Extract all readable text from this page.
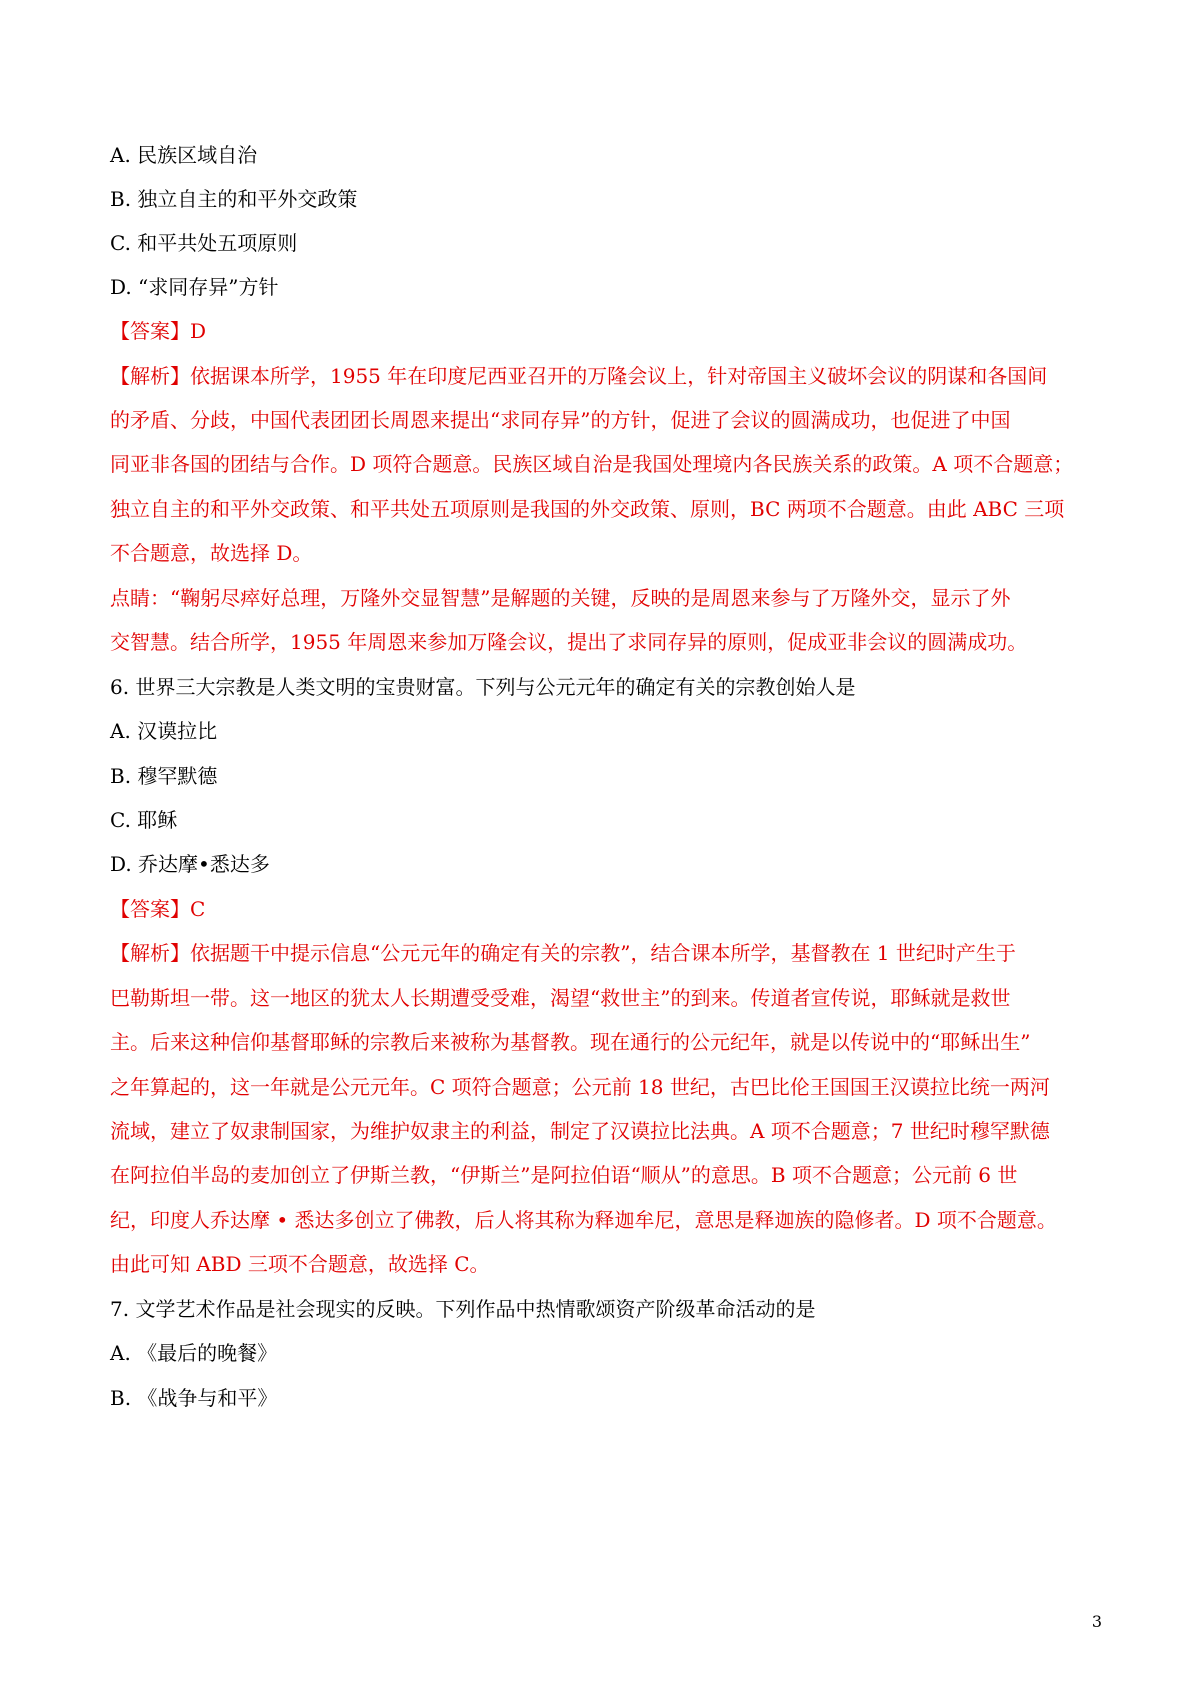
A. 民族区域自治
B. 独立自主的和平外交政策
C. 和平共处五项原则
D. “求同存异”方针
【答案】D
【解析】依据课本所学，1955 年在印度尼西亚召开的万隆会议上，针对帝国主义破坏会议的阴谋和各国间
的矛盾、分歧，中国代表团团长周恩来提出“求同存异”的方针，促进了会议的圆满成功，也促进了中国
同亚非各国的团结与合作。D 项符合题意。民族区域自治是我国处理境内各民族关系的政策。A 项不合题意；
独立自主的和平外交政策、和平共处五项原则是我国的外交政策、原则，BC 两项不合题意。由此 ABC 三项
不合题意，故选择 D。
点睛：“鞠躬尽瘁好总理，万隆外交显智慧”是解题的关键，反映的是周恩来参与了万隆外交，显示了外
交智慧。结合所学，1955 年周恩来参加万隆会议，提出了求同存异的原则，促成亚非会议的圆满成功。
6. 世界三大宗教是人类文明的宝贵财富。下列与公元元年的确定有关的宗教创始人是
A. 汉谟拉比
B. 穆罕默德
C. 耶稣
D. 乔达摩•悉达多
【答案】C
【解析】依据题干中提示信息“公元元年的确定有关的宗教”，结合课本所学，基督教在 1 世纪时产生于
巴勒斯坦一带。这一地区的犹太人长期遭受受难，渴望“救世主”的到来。传道者宣传说，耶稣就是救世
主。后来这种信仰基督耶稣的宗教后来被称为基督教。现在通行的公元纪年，就是以传说中的“耶稣出生”
之年算起的，这一年就是公元元年。C 项符合题意；公元前 18 世纪，古巴比伦王国国王汉谟拉比统一两河
流域，建立了奴隶制国家，为维护奴隶主的利益，制定了汉谟拉比法典。A 项不合题意；7 世纪时穆罕默德
在阿拉伯半岛的麦加创立了伊斯兰教，“伊斯兰”是阿拉伯语“顺从”的意思。B 项不合题意；公元前 6 世
纪，印度人乔达摩 • 悉达多创立了佛教，后人将其称为释迦牟尼，意思是释迦族的隐修者。D 项不合题意。
由此可知 ABD 三项不合题意，故选择 C。
7. 文学艺术作品是社会现实的反映。下列作品中热情歌颂资产阶级革命活动的是
A. 《最后的晚餐》
B. 《战争与和平》
3
